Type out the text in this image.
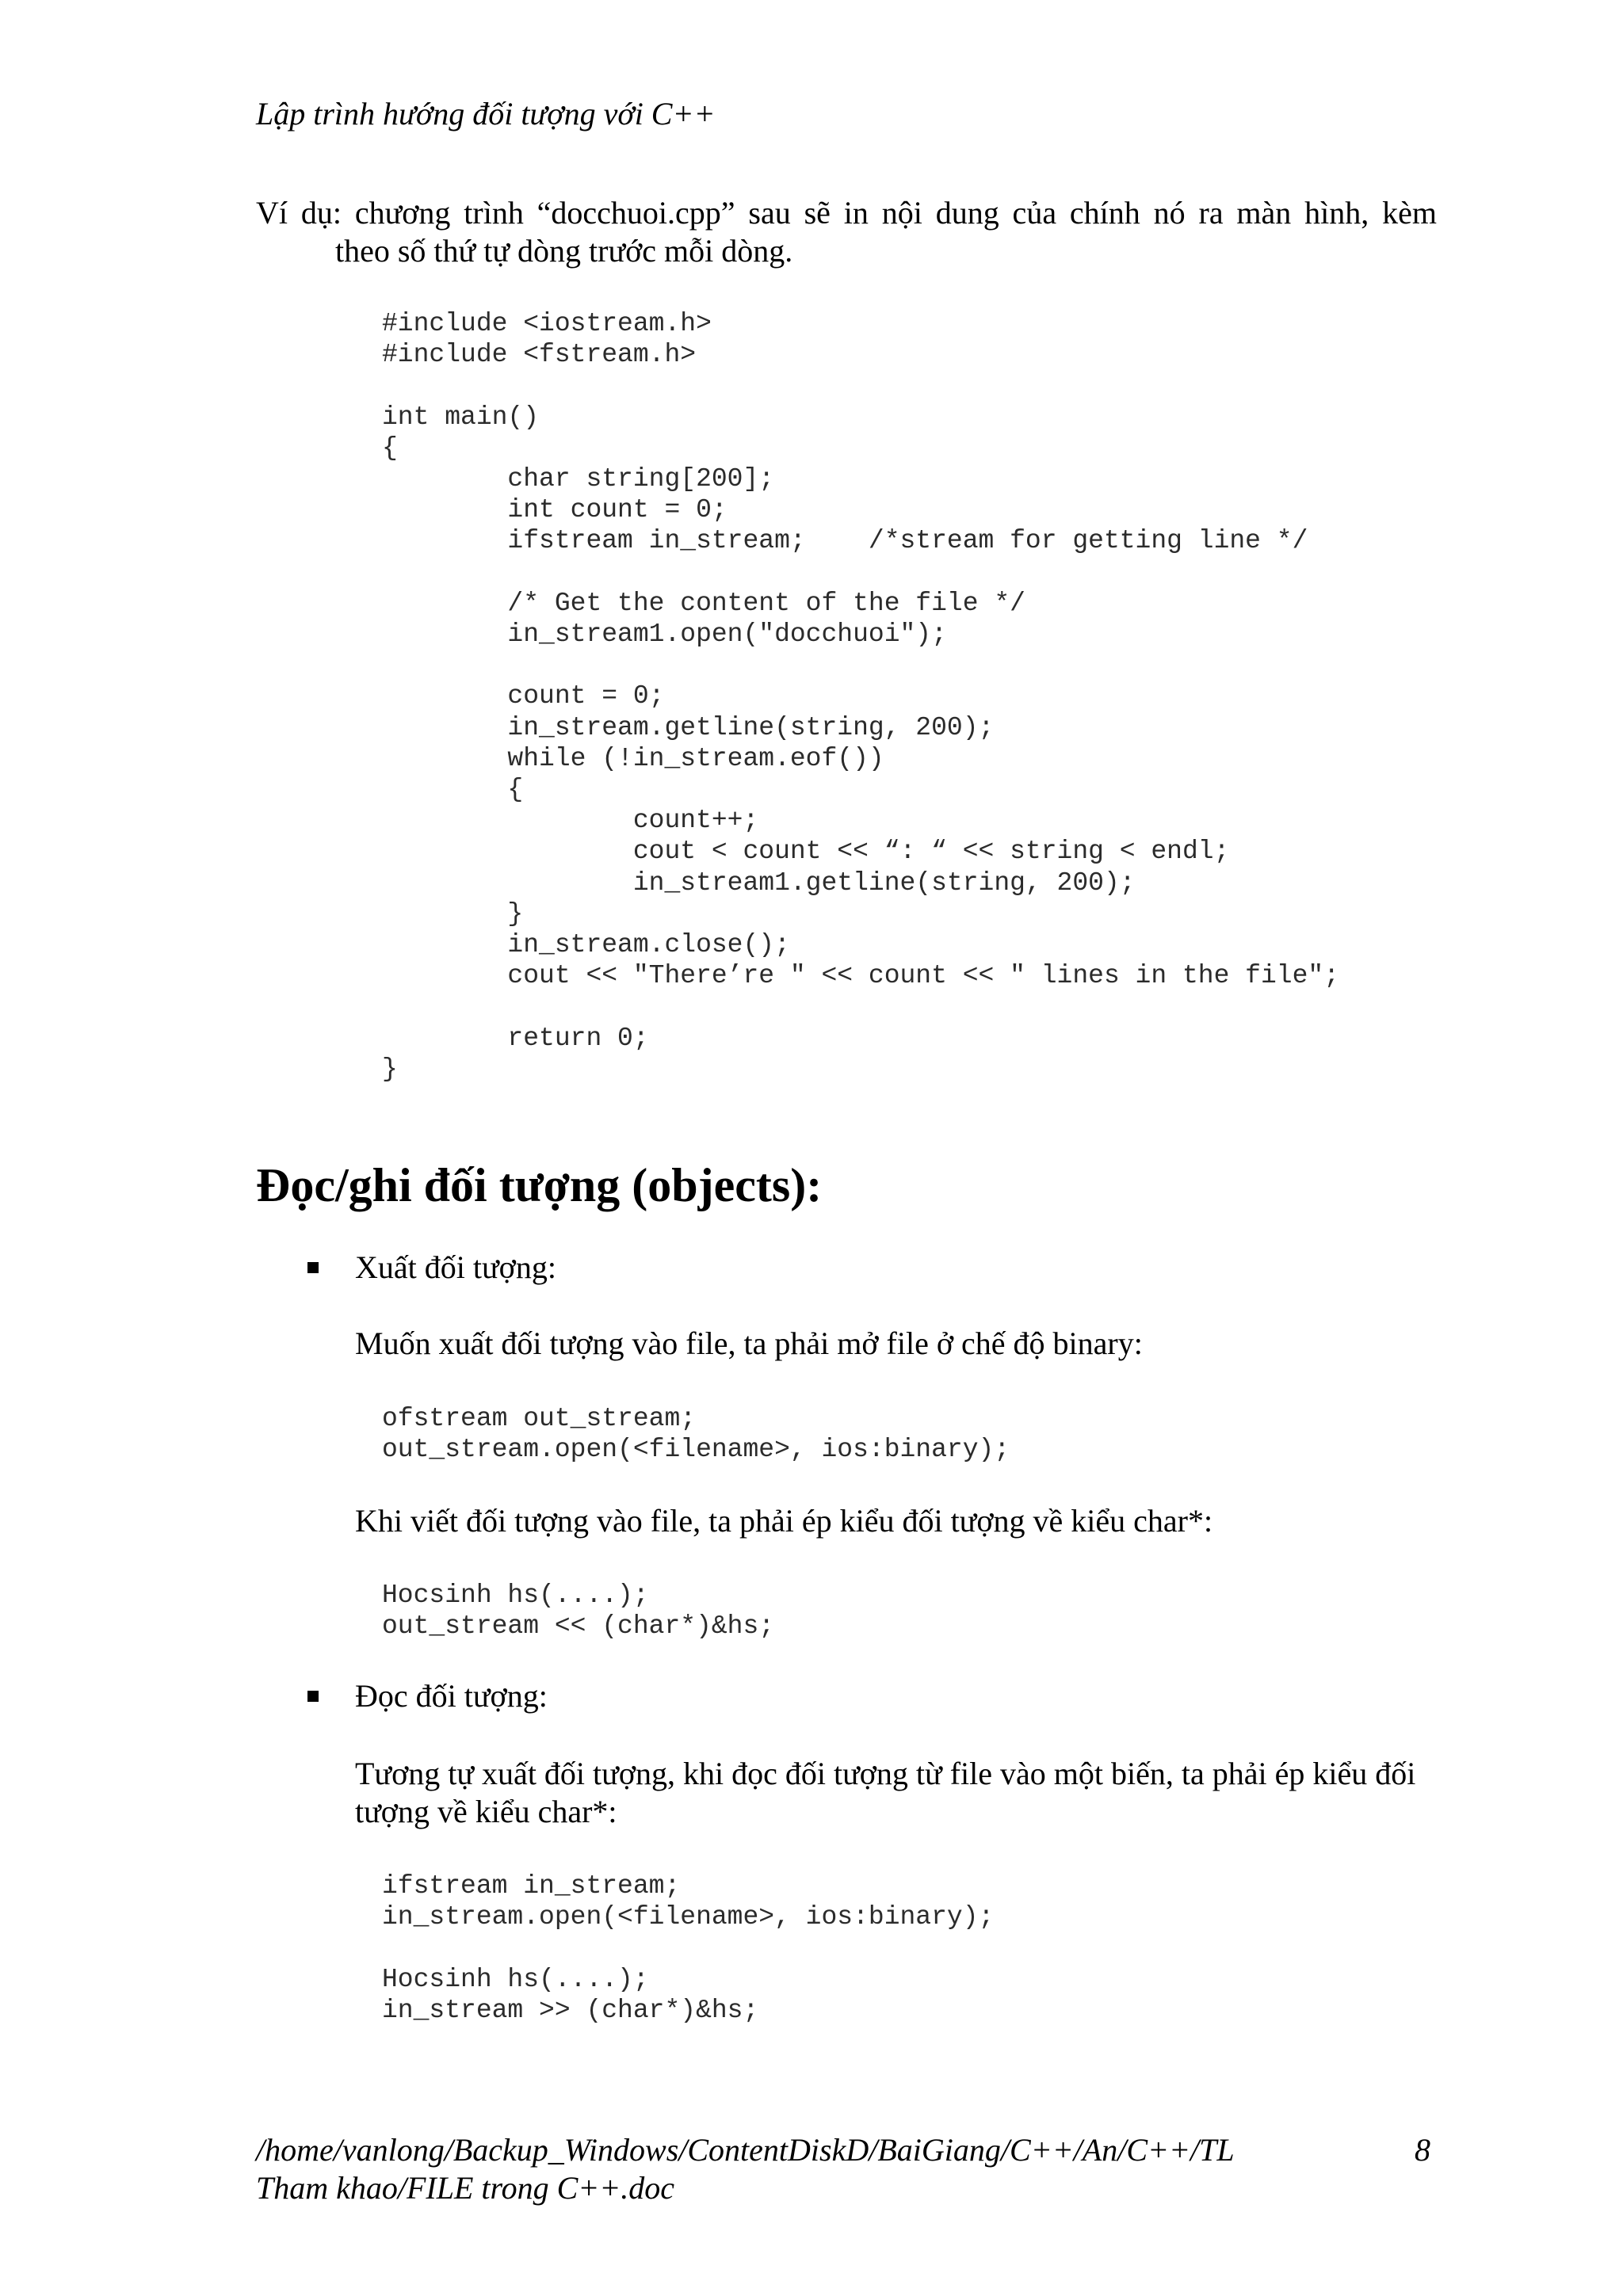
Lập trình hướng đối tượng với C++
Ví dụ: chương trình “docchuoi.cpp” sau sẽ in nội dung của chính nó ra màn hình, kèm
theo số thứ tự dòng trước mỗi dòng.
#include <iostream.h>
#include <fstream.h>

int main()
{
char string[200];
int count = 0;
ifstream in_stream;    /*stream for getting line */

/* Get the content of the file */
in_stream1.open("docchuoi");

count = 0;
in_stream.getline(string, 200);
while (!in_stream.eof())
{
count++;
cout < count << “: “ << string < endl;
in_stream1.getline(string, 200);
}
in_stream.close();
cout << "There’re " << count << " lines in the file";

return 0;
}
Đọc/ghi đối tượng (objects):
Xuất đối tượng:
Muốn xuất đối tượng vào file, ta phải mở file ở chế độ binary:
ofstream out_stream;
out_stream.open(<filename>, ios:binary);
Khi viết đối tượng vào file, ta phải ép kiểu đối tượng về kiểu char*:
Hocsinh hs(....);
out_stream << (char*)&hs;
Đọc đối tượng:
Tương tự xuất đối tượng, khi đọc đối tượng từ file vào một biến, ta phải ép kiểu đối tượng về kiểu char*:
ifstream in_stream;
in_stream.open(<filename>, ios:binary);

Hocsinh hs(....);
in_stream >> (char*)&hs;
/home/vanlong/Backup_Windows/ContentDiskD/BaiGiang/C++/An/C++/TL Tham khao/FILE trong C++.doc
8
